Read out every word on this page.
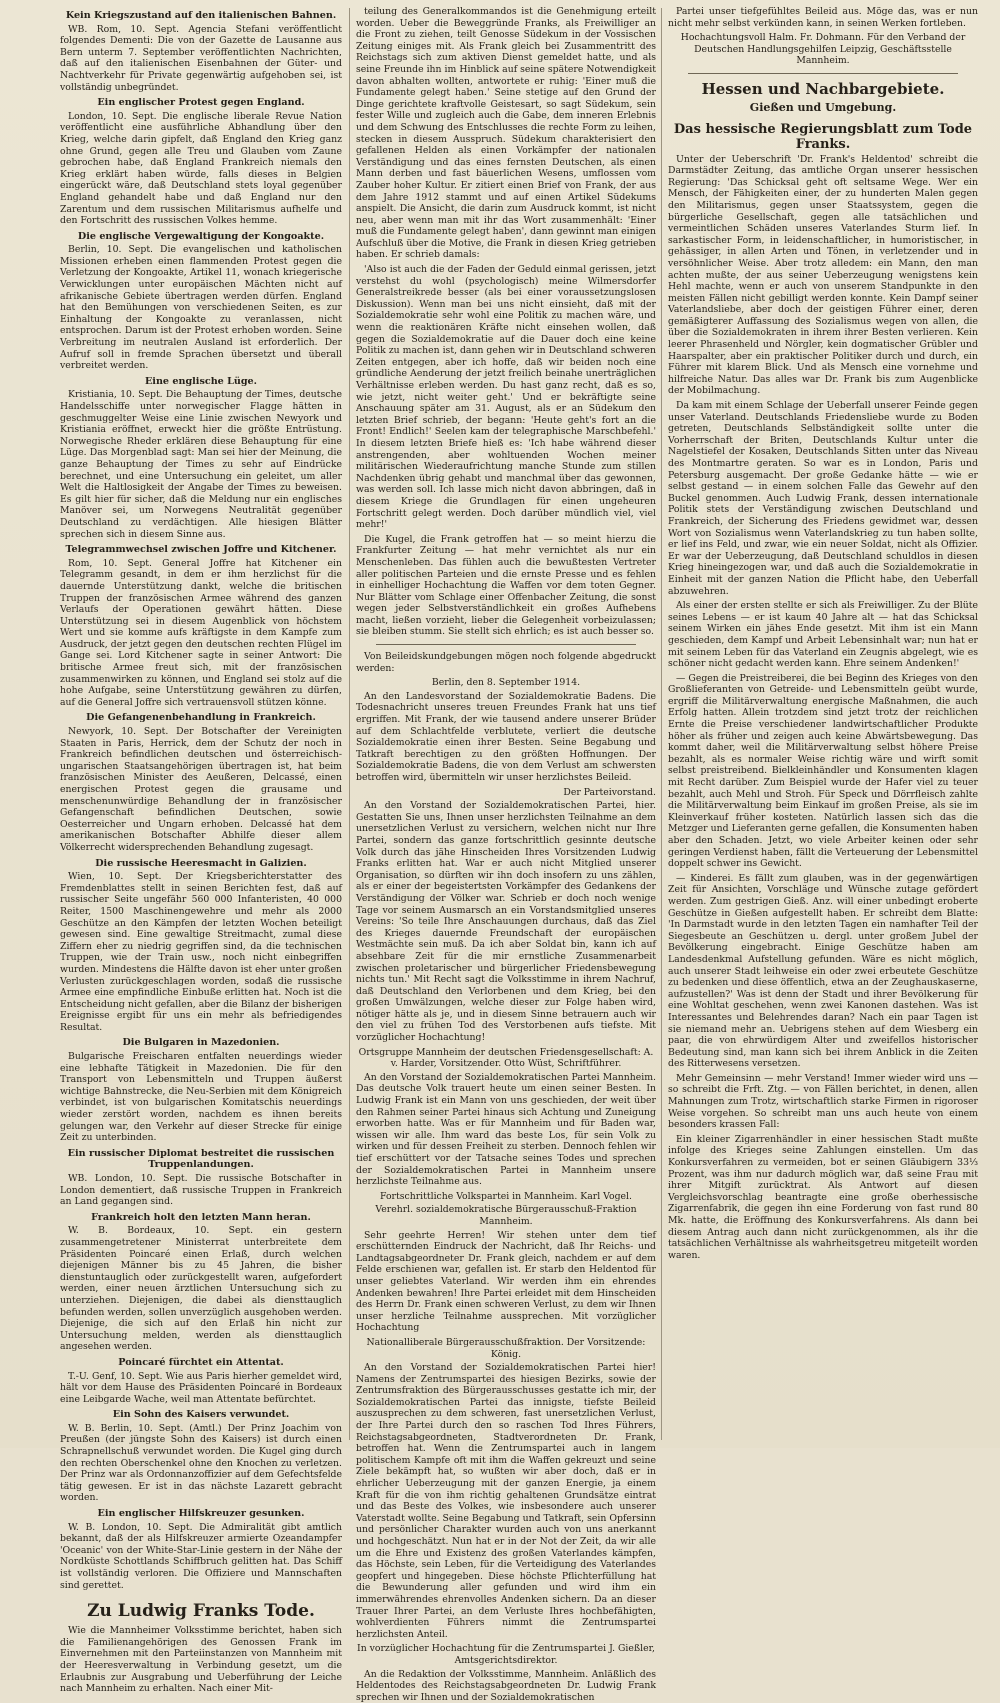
Kein Kriegszustand auf den italienischen Bahnen.

WB. Rom, 10. Sept. Agencia Stefani veröffentlicht folgendes Dementi: Die von der Gazette de Lausanne aus Bern unterm 7. September veröffentlichten Nachrichten, daß auf den italienischen Eisenbahnen der Güter- und Nachtverkehr für Private gegenwärtig aufgehoben sei, ist vollständig unbegründet.

Ein englischer Protest gegen England.

London, 10. Sept. Die englische liberale Revue Nation veröffentlicht eine ausführliche Abhandlung über den Krieg, welche darin gipfelt, daß England den Krieg ganz ohne Grund, gegen alle Treu und Glauben vom Zaune gebrochen habe, daß England Frankreich niemals den Krieg erklärt haben würde, falls dieses in Belgien eingerückt wäre, daß Deutschland stets loyal gegenüber England gehandelt habe und daß England nur den Zarentum und dem russischen Militarismus aufhelfe und den Fortschritt des russischen Volkes hemme.

Die englische Vergewaltigung der Kongoakte.

Berlin, 10. Sept. Die evangelischen und katholischen Missionen erheben einen flammenden Protest gegen die Verletzung der Kongoakte, Artikel 11, wonach kriegerische Verwicklungen unter europäischen Mächten nicht auf afrikanische Gebiete übertragen werden dürfen. England hat den Bemühungen von verschiedenen Seiten, es zur Einhaltung der Kongoakte zu veranlassen, nicht entsprochen. Darum ist der Protest erhoben worden. Seine Verbreitung im neutralen Ausland ist erforderlich. Der Aufruf soll in fremde Sprachen übersetzt und überall verbreitet werden.

Eine englische Lüge.

Kristiania, 10. Sept. Die Behauptung der Times, deutsche Handelsschiffe unter norwegischer Flagge hätten in geschmuggelter Weise eine Linie zwischen Newyork und Kristiania eröffnet, erweckt hier die größte Entrüstung. Norwegische Rheder erklären diese Behauptung für eine Lüge. Das Morgenblad sagt: Man sei hier der Meinung, die ganze Behauptung der Times zu sehr auf Eindrücke berechnet, und eine Untersuchung ein geleitet, um aller Welt die Haltlosigkeit der Angabe der Times zu beweisen. Es gilt hier für sicher, daß die Meldung nur ein englisches Manöver sei, um Norwegens Neutralität gegenüber Deutschland zu verdächtigen. Alle hiesigen Blätter sprechen sich in diesem Sinne aus.

Telegrammwechsel zwischen Joffre und Kitchener.

Rom, 10. Sept. General Joffre hat Kitchener ein Telegramm gesandt, in dem er ihm herzlichst für die dauernde Unterstützung dankt, welche die britischen Truppen der französischen Armee während des ganzen Verlaufs der Operationen gewährt hätten. Diese Unterstützung sei in diesem Augenblick von höchstem Wert und sie komme aufs kräftigste in dem Kampfe zum Ausdruck, der jetzt gegen den deutschen rechten Flügel im Gange sei. Lord Kitchener sagte in seiner Antwort: Die britische Armee freut sich, mit der französischen zusammenwirken zu können, und England sei stolz auf die hohe Aufgabe, seine Unterstützung gewähren zu dürfen, auf die General Joffre sich vertrauensvoll stützen könne.

Die Gefangenenbehandlung in Frankreich.

Newyork, 10. Sept. Der Botschafter der Vereinigten Staaten in Paris, Herrick, dem der Schutz der noch in Frankreich befindlichen deutschen und österreichisch-ungarischen Staatsangehörigen übertragen ist, hat beim französischen Minister des Aeußeren, Delcassé, einen energischen Protest gegen die grausame und menschenunwürdige Behandlung der in französischer Gefangenschaft befindlichen Deutschen, sowie Oesterreicher und Ungarn erhoben. Delcassé hat dem amerikanischen Botschafter Abhilfe dieser allem Völkerrecht widersprechenden Behandlung zugesagt.

Die russische Heeresmacht in Galizien.

Wien, 10. Sept. Der Kriegsberichterstatter des Fremdenblattes stellt in seinen Berichten fest, daß auf russischer Seite ungefähr 560 000 Infanteristen, 40 000 Reiter, 1500 Maschinengewehre und mehr als 2000 Geschütze an den Kämpfen der letzten Wochen beteiligt gewesen sind. Eine gewaltige Streitmacht, zumal diese Ziffern eher zu niedrig gegriffen sind, da die technischen Truppen, wie der Train usw., noch nicht einbegriffen wurden. Mindestens die Hälfte davon ist eher unter großen Verlusten zurückgeschlagen worden, sodaß die russische Armee eine empfindliche Einbuße erlitten hat. Noch ist die Entscheidung nicht gefallen, aber die Bilanz der bisherigen Ereignisse ergibt für uns ein mehr als befriedigendes Resultat.

Die Bulgaren in Mazedonien.

Bulgarische Freischaren entfalten neuerdings wieder eine lebhafte Tätigkeit in Mazedonien. Die für den Transport von Lebensmitteln und Truppen äußerst wichtige Bahnstrecke, die Neu-Serbien mit dem Königreich verbindet, ist von bulgarischen Komitatschis neuerdings wieder zerstört worden, nachdem es ihnen bereits gelungen war, den Verkehr auf dieser Strecke für einige Zeit zu unterbinden.

Ein russischer Diplomat bestreitet die russischen Truppenlandungen.

WB. London, 10. Sept. Die russische Botschafter in London dementiert, daß russische Truppen in Frankreich an Land gegangen sind.

Frankreich holt den letzten Mann heran.

W. B. Bordeaux, 10. Sept. ein gestern zusammengetretener Ministerrat unterbreitete dem Präsidenten Poincaré einen Erlaß, durch welchen diejenigen Männer bis zu 45 Jahren, die bisher dienstuntauglich oder zurückgestellt waren, aufgefordert werden, einer neuen ärztlichen Untersuchung sich zu unterziehen. Diejenigen, die dabei als diensttauglich befunden werden, sollen unverzüglich ausgehoben werden. Diejenige, die sich auf den Erlaß hin nicht zur Untersuchung melden, werden als diensttauglich angesehen werden.

Poincaré fürchtet ein Attentat.

T.-U. Genf, 10. Sept. Wie aus Paris hierher gemeldet wird, hält vor dem Hause des Präsidenten Poincaré in Bordeaux eine Leibgarde Wache, weil man Attentate befürchtet.

Ein Sohn des Kaisers verwundet.

W. B. Berlin, 10. Sept. (Amtl.) Der Prinz Joachim von Preußen (der jüngste Sohn des Kaisers) ist durch einen Schrapnellschuß verwundet worden. Die Kugel ging durch den rechten Oberschenkel ohne den Knochen zu verletzen. Der Prinz war als Ordonnanzoffizier auf dem Gefechtsfelde tätig gewesen. Er ist in das nächste Lazarett gebracht worden.

Ein englischer Hilfskreuzer gesunken.

W. B. London, 10. Sept. Die Admiralität gibt amtlich bekannt, daß der als Hilfskreuzer armierte Ozeandampfer 'Oceanic' von der White-Star-Linie gestern in der Nähe der Nordküste Schottlands Schiffbruch gelitten hat. Das Schiff ist vollständig verloren. Die Offiziere und Mannschaften sind gerettet.

Zu Ludwig Franks Tode.

Wie die Mannheimer Volksstimme berichtet, haben sich die Familienangehörigen des Genossen Frank im Einvernehmen mit den Parteiinstanzen von Mannheim mit der Heeresverwaltung in Verbindung gesetzt, um die Erlaubnis zur Ausgrabung und Ueberführung der Leiche nach Mannheim zu erhalten. Nach einer Mit-

teilung des Generalkommandos ist die Genehmigung erteilt worden. Ueber die Beweggründe Franks, als Freiwilliger an die Front zu ziehen, teilt Genosse Südekum in der Vossischen Zeitung einiges mit. Als Frank gleich bei Zusammentritt des Reichstags sich zum aktiven Dienst gemeldet hatte, und als seine Freunde ihn im Hinblick auf seine spätere Notwendigkeit davon abhalten wollten, antwortete er ruhig: 'Einer muß die Fundamente gelegt haben.' Seine stetige auf den Grund der Dinge gerichtete kraftvolle Geistesart, so sagt Südekum, sein fester Wille und zugleich auch die Gabe, dem inneren Erlebnis und dem Schwung des Entschlusses die rechte Form zu leihen, stecken in diesem Ausspruch. Südekum charakterisiert den gefallenen Helden als einen Vorkämpfer der nationalen Verständigung und das eines fernsten Deutschen, als einen Mann derben und fast bäuerlichen Wesens, umflossen vom Zauber hoher Kultur. Er zitiert einen Brief von Frank, der aus dem Jahre 1912 stammt und auf einen Artikel Südekums anspielt. Die Ansicht, die darin zum Ausdruck kommt, ist nicht neu, aber wenn man mit ihr das Wort zusammenhält: 'Einer muß die Fundamente gelegt haben', dann gewinnt man einigen Aufschluß über die Motive, die Frank in diesen Krieg getrieben haben. Er schrieb damals:

'Also ist auch die der Faden der Geduld einmal gerissen, jetzt verstehst du wohl (psychologisch) meine Wilmersdorfer Generalstreikrede besser (als bei einer voraussetzungslosen Diskussion). Wenn man bei uns nicht einsieht, daß mit der Sozialdemokratie sehr wohl eine Politik zu machen wäre, und wenn die reaktionären Kräfte nicht einsehen wollen, daß gegen die Sozialdemokratie auf die Dauer doch eine keine Politik zu machen ist, dann gehen wir in Deutschland schweren Zeiten entgegen, aber ich hoffe, daß wir beiden noch eine gründliche Aenderung der jetzt freilich beinahe unerträglichen Verhältnisse erleben werden. Du hast ganz recht, daß es so, wie jetzt, nicht weiter geht.' Und er bekräftigte seine Anschauung später am 31. August, als er an Südekum den letzten Brief schrieb, der begann: 'Heute geht's fort an die Front! Endlich!' Seelen kam der telegraphische Marschbefehl.' In diesem letzten Briefe hieß es: 'Ich habe während dieser anstrengenden, aber wohltuenden Wochen meiner militärischen Wiederaufrichtung manche Stunde zum stillen Nachdenken übrig gehabt und manchmal über das gewonnen, was werden soll. Ich lasse mich nicht davon abbringen, daß in diesem Kriege die Grundlagen für einen ungeheuren Fortschritt gelegt werden. Doch darüber mündlich viel, viel mehr!'

Die Kugel, die Frank getroffen hat — so meint hierzu die Frankfurter Zeitung — hat mehr vernichtet als nur ein Menschenleben. Das fühlen auch die bewußtesten Vertreter aller politischen Parteien und die ernste Presse und es fehlen in einhelliger Hochachtung die Waffen vor dem toten Gegner. Nur Blätter vom Schlage einer Offenbacher Zeitung, die sonst wegen jeder Selbstverständlichkeit ein großes Aufhebens macht, ließen vorzieht, lieber die Gelegenheit vorbeizulassen; sie bleiben stumm. Sie stellt sich ehrlich; es ist auch besser so.

Von Beileidskundgebungen mögen noch folgende abgedruckt werden:

Berlin, den 8. September 1914.

An den Landesvorstand der Sozialdemokratie Badens. Die Todesnachricht unseres treuen Freundes Frank hat uns tief ergriffen. Mit Frank, der wie tausend andere unserer Brüder auf dem Schlachtfelde verblutete, verliert die deutsche Sozialdemokratie einen ihrer Besten. Seine Begabung und Tatkraft berechtigen zu den größten Hoffnungen. Der Sozialdemokratie Badens, die von dem Verlust am schwersten betroffen wird, übermitteln wir unser herzlichstes Beileid.

Der Parteivorstand.

An den Vorstand der Sozialdemokratischen Partei, hier. Gestatten Sie uns, Ihnen unser herzlichsten Teilnahme an dem unersetzlichen Verlust zu versichern, welchen nicht nur Ihre Partei, sondern das ganze fortschrittlich gesinnte deutsche Volk durch das jähe Hinscheiden Ihres Vorsitzenden Ludwig Franks erlitten hat. War er auch nicht Mitglied unserer Organisation, so dürften wir ihn doch insofern zu uns zählen, als er einer der begeistertsten Vorkämpfer des Gedankens der Verständigung der Völker war. Schrieb er doch noch wenige Tage vor seinem Ausmarsch an ein Vorstandsmitglied unseres Vereins: 'So teile Ihre Anschauungen durchaus, daß das Ziel des Krieges dauernde Freundschaft der europäischen Westmächte sein muß. Da ich aber Soldat bin, kann ich auf absehbare Zeit für die mir ernstliche Zusammenarbeit zwischen proletarischer und bürgerlicher Friedensbewegung nichts tun.' Mit Recht sagt die Volksstimme in ihrem Nachruf, daß Deutschland den Verlorbenen und dem Krieg, bei den großen Umwälzungen, welche dieser zur Folge haben wird, nötiger hätte als je, und in diesem Sinne betrauern auch wir den viel zu frühen Tod des Verstorbenen aufs tiefste. Mit vorzüglicher Hochachtung!

Ortsgruppe Mannheim der deutschen Friedensgesellschaft: A. v. Harder, Vorsitzender. Otto Wüst, Schriftführer.

An den Vorstand der Sozialdemokratischen Partei Mannheim. Das deutsche Volk trauert heute um einen seiner Besten. In Ludwig Frank ist ein Mann von uns geschieden, der weit über den Rahmen seiner Partei hinaus sich Achtung und Zuneigung erworben hatte. Was er für Mannheim und für Baden war, wissen wir alle. Ihm ward das beste Los, für sein Volk zu wirken und für dessen Freiheit zu sterben. Dennoch fehlen wir tief erschüttert vor der Tatsache seines Todes und sprechen der Sozialdemokratischen Partei in Mannheim unsere herzlichste Teilnahme aus.

Fortschrittliche Volkspartei in Mannheim. Karl Vogel.
Verehrl. sozialdemokratische Bürgerausschuß-Fraktion Mannheim.

Sehr geehrte Herren! Wir stehen unter dem tief erschütternden Eindruck der Nachricht, daß Ihr Reichs- und Landtagsabgeordneter Dr. Frank gleich, nachdem er auf dem Felde erschienen war, gefallen ist. Er starb den Heldentod für unser geliebtes Vaterland. Wir werden ihm ein ehrendes Andenken bewahren! Ihre Partei erleidet mit dem Hinscheiden des Herrn Dr. Frank einen schweren Verlust, zu dem wir Ihnen unser herzliche Teilnahme aussprechen. Mit vorzüglicher Hochachtung

Nationalliberale Bürgerausschußfraktion. Der Vorsitzende: König.

An den Vorstand der Sozialdemokratischen Partei hier! Namens der Zentrumspartei des hiesigen Bezirks, sowie der Zentrumsfraktion des Bürgerausschusses gestatte ich mir, der Sozialdemokratischen Partei das innigste, tiefste Beileid auszusprechen zu dem schweren, fast unersetzlichen Verlust, der Ihre Partei durch den so raschen Tod Ihres Führers, Reichstagsabgeordneten, Stadtverordneten Dr. Frank, betroffen hat. Wenn die Zentrumspartei auch in langem politischem Kampfe oft mit ihm die Waffen gekreuzt und seine Ziele bekämpft hat, so wußten wir aber doch, daß er in ehrlicher Ueberzeugung mit der ganzen Energie, ja einem Kraft für die von ihm richtig gehaltenen Grundsätze eintrat und das Beste des Volkes, wie insbesondere auch unserer Vaterstadt wollte. Seine Begabung und Tatkraft, sein Opfersinn und persönlicher Charakter wurden auch von uns anerkannt und hochgeschätzt. Nun hat er in der Not der Zeit, da wir alle um die Ehre und Existenz des großen Vaterlandes kämpfen, das Höchste, sein Leben, für die Verteidigung des Vaterlandes geopfert und hingegeben. Diese höchste Pflichterfüllung hat die Bewunderung aller gefunden und wird ihm ein immerwährendes ehrenvolles Andenken sichern. Da an dieser Trauer Ihrer Partei, an dem Verluste Ihres hochbefähigten, wohlverdienten Führers nimmt die Zentrumspartei herzlichsten Anteil.

In vorzüglicher Hochachtung für die Zentrumspartei J. Gießler, Amtsgerichtsdirektor.

An die Redaktion der Volksstimme, Mannheim. Anläßlich des Heldentodes des Reichstagsabgeordneten Dr. Ludwig Frank sprechen wir Ihnen und der Sozialdemokratischen

Partei unser tiefgefühltes Beileid aus. Möge das, was er nun nicht mehr selbst verkünden kann, in seinen Werken fortleben.

Hochachtungsvoll Halm. Fr. Dohmann. Für den Verband der Deutschen Handlungsgehilfen Leipzig, Geschäftsstelle Mannheim.
Hessen und Nachbargebiete.
Gießen und Umgebung.
Das hessische Regierungsblatt zum Tode Franks.

Unter der Ueberschrift 'Dr. Frank's Heldentod' schreibt die Darmstädter Zeitung, das amtliche Organ unserer hessischen Regierung: 'Das Schicksal geht oft seltsame Wege. Wer ein Mensch, der Fähigkeiten einer, der zu hunderten Malen gegen den Militarismus, gegen unser Staatssystem, gegen die bürgerliche Gesellschaft, gegen alle tatsächlichen und vermeintlichen Schäden unseres Vaterlandes Sturm lief. In sarkastischer Form, in leidenschaftlicher, in humoristischer, in gehässiger, in allen Arten und Tönen, in verletzender und in versöhnlicher Weise. Aber trotz alledem: ein Mann, den man achten mußte, der aus seiner Ueberzeugung wenigstens kein Hehl machte, wenn er auch von unserem Standpunkte in den meisten Fällen nicht gebilligt werden konnte. Kein Dampf seiner Vaterlandsliebe, aber doch der geistigen Führer einer, deren gemäßigterer Auffassung des Sozialismus wegen von allen, die über die Sozialdemokraten in ihrem ihrer Besten verlieren. Kein leerer Phrasenheld und Nörgler, kein dogmatischer Grübler und Haarspalter, aber ein praktischer Politiker durch und durch, ein Führer mit klarem Blick. Und als Mensch eine vornehme und hilfreiche Natur. Das alles war Dr. Frank bis zum Augenblicke der Mobilmachung.

Da kam mit einem Schlage der Ueberfall unserer Feinde gegen unser Vaterland. Deutschlands Friedensliebe wurde zu Boden getreten, Deutschlands Selbständigkeit sollte unter die Vorherrschaft der Briten, Deutschlands Kultur unter die Nagelstiefel der Kosaken, Deutschlands Sitten unter das Niveau des Montmartre geraten. So war es in London, Paris und Petersburg ausgemacht. Der große Gedanke hätte — wie er selbst gestand — in einem solchen Falle das Gewehr auf den Buckel genommen. Auch Ludwig Frank, dessen internationale Politik stets der Verständigung zwischen Deutschland und Frankreich, der Sicherung des Friedens gewidmet war, dessen Wort von Sozialismus wenn Vaterlandskrieg zu tun haben sollte, er lief ins Feld, und zwar, wie ein neuer Soldat, nicht als Offizier. Er war der Ueberzeugung, daß Deutschland schuldlos in diesen Krieg hineingezogen war, und daß auch die Sozialdemokratie in Einheit mit der ganzen Nation die Pflicht habe, den Ueberfall abzuwehren.

Als einer der ersten stellte er sich als Freiwilliger. Zu der Blüte seines Lebens — er ist kaum 40 Jahre alt — hat das Schicksal seinem Wirken ein jähes Ende gesetzt. Mit ihm ist ein Mann geschieden, dem Kampf und Arbeit Lebensinhalt war; nun hat er mit seinem Leben für das Vaterland ein Zeugnis abgelegt, wie es schöner nicht gedacht werden kann. Ehre seinem Andenken!'

— Gegen die Preistreiberei, die bei Beginn des Krieges von den Großlieferanten von Getreide- und Lebensmitteln geübt wurde, ergriff die Militärverwaltung energische Maßnahmen, die auch Erfolg hatten. Allein trotzdem sind jetzt trotz der reichlichen Ernte die Preise verschiedener landwirtschaftlicher Produkte höher als früher und zeigen auch keine Abwärtsbewegung. Das kommt daher, weil die Militärverwaltung selbst höhere Preise bezahlt, als es normaler Weise richtig wäre und wirft somit selbst preistreibend. Bielkleinhändler und Konsumenten klagen mit Recht darüber. Zum Beispiel wurde der Hafer viel zu teuer bezahlt, auch Mehl und Stroh. Für Speck und Dörrfleisch zahlte die Militärverwaltung beim Einkauf im großen Preise, als sie im Kleinverkauf früher kosteten. Natürlich lassen sich das die Metzger und Lieferanten gerne gefallen, die Konsumenten haben aber den Schaden. Jetzt, wo viele Arbeiter keinen oder sehr geringen Verdienst haben, fällt die Verteuerung der Lebensmittel doppelt schwer ins Gewicht.

— Kinderei. Es fällt zum glauben, was in der gegenwärtigen Zeit für Ansichten, Vorschläge und Wünsche zutage gefördert werden. Zum gestrigen Gieß. Anz. will einer unbedingt eroberte Geschütze in Gießen aufgestellt haben. Er schreibt dem Blatte: 'In Darmstadt wurde in den letzten Tagen ein namhafter Teil der Siegesbeute an Geschützen u. dergl. unter großem Jubel der Bevölkerung eingebracht. Einige Geschütze haben am Landesdenkmal Aufstellung gefunden. Wäre es nicht möglich, auch unserer Stadt leihweise ein oder zwei erbeutete Geschütze zu bedenken und diese öffentlich, etwa an der Zeughauskaserne, aufzustellen?' Was ist denn der Stadt und ihrer Bevölkerung für eine Wohltat geschehen, wenn zwei Kanonen dastehen. Was ist Interessantes und Belehrendes daran? Nach ein paar Tagen ist sie niemand mehr an. Uebrigens stehen auf dem Wiesberg ein paar, die von ehrwürdigem Alter und zweifellos historischer Bedeutung sind, man kann sich bei ihrem Anblick in die Zeiten des Ritterwesens versetzen.

Mehr Gemeinsinn — mehr Verstand! Immer wieder wird uns — so schreibt die Frft. Ztg. — von Fällen berichtet, in denen, allen Mahnungen zum Trotz, wirtschaftlich starke Firmen in rigoroser Weise vorgehen. So schreibt man uns auch heute von einem besonders krassen Fall:

Ein kleiner Zigarrenhändler in einer hessischen Stadt mußte infolge des Krieges seine Zahlungen einstellen. Um das Konkursverfahren zu vermeiden, bot er seinen Gläubigern 33⅓ Prozent, was ihm nur dadurch möglich war, daß seine Frau mit ihrer Mitgift zurücktrat. Als Antwort auf diesen Vergleichsvorschlag beantragte eine große oberhessische Zigarrenfabrik, die gegen ihn eine Forderung von fast rund 80 Mk. hatte, die Eröffnung des Konkursverfahrens. Als dann bei diesem Antrag auch dann nicht zurückgenommen, als ihr die tatsächlichen Verhältnisse als wahrheitsgetreu mitgeteilt worden waren.
